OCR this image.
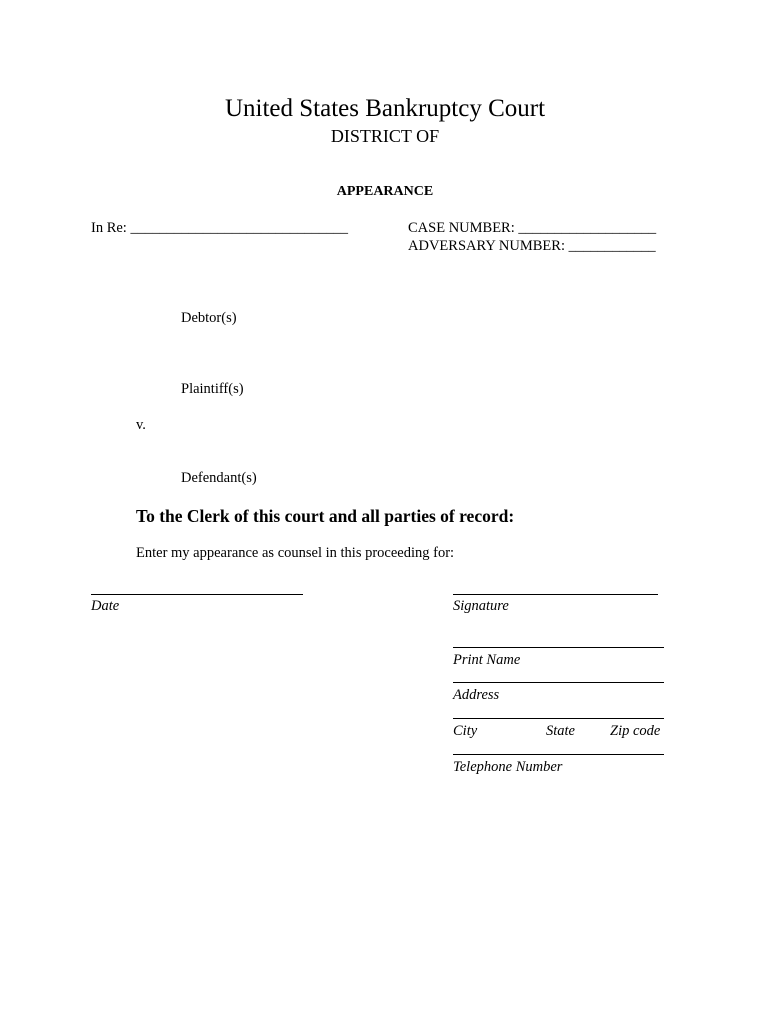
United States Bankruptcy Court
DISTRICT OF
APPEARANCE
In Re: ______________________________	CASE NUMBER: ___________________
ADVERSARY NUMBER: ____________
Debtor(s)
Plaintiff(s)
v.
Defendant(s)
To the Clerk of this court and all parties of record:
Enter my appearance as counsel in this proceeding for:
Date	Signature
Print Name
Address
City	State Zip code
Telephone Number
